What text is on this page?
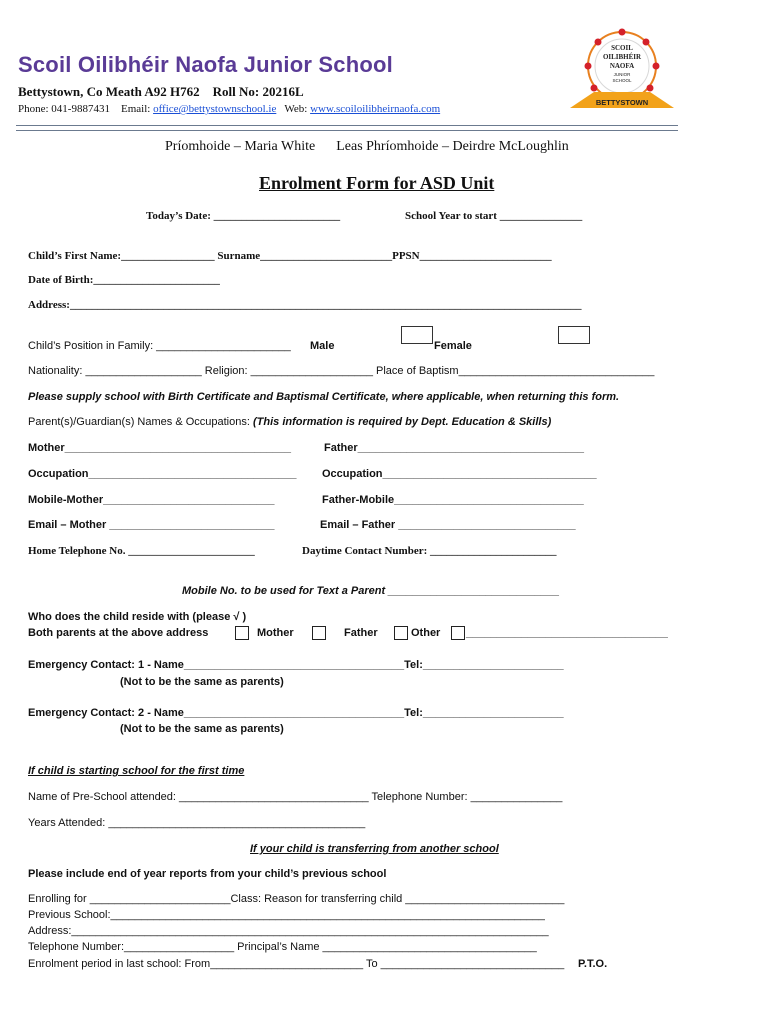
Scoil Oilibhéir Naofa Junior School
Bettystown, Co Meath A92 H762    Roll No: 20216L
Phone: 041-9887431 Email: office@bettystownschool.ie Web: www.scoiloilibheirnaofa.com
SCOIL
OILIBHÉIR
NAOFA
JUNIOR
SCHOOL
BETTYSTOWN
Príomhoide – Maria White      Leas Phríomhoide – Deirdre McLoughlin
Enrolment Form for ASD Unit
Today’s Date: _______________________	School Year to start _______________
Child’s First Name:_________________ Surname________________________PPSN________________________
Date of Birth:_______________________
Address:_____________________________________________________________________________________________
Child’s Position in Family: ______________________ Male	Female
Nationality: ___________________ Religion: ____________________ Place of Baptism________________________________
Please supply school with Birth Certificate and Baptismal Certificate, where applicable, when returning this form.
Parent(s)/Guardian(s) Names & Occupations: (This information is required by Dept. Education & Skills)
Mother_____________________________________	Father_____________________________________
Occupation__________________________________ Occupation___________________________________
Mobile-Mother____________________________	Father-Mobile_______________________________
Email – Mother ___________________________	Email – Father _____________________________
Home Telephone No. _______________________	Daytime Contact Number: _______________________
Mobile No. to be used for Text a Parent ____________________________
Who does the child reside with (please √ )
Both parents at the above address	Mother	Father	Other _________________________________
Emergency Contact: 1 - Name____________________________________Tel:_______________________
(Not to be the same as parents)
Emergency Contact: 2 - Name____________________________________Tel:_______________________
(Not to be the same as parents)
If child is starting school for the first time
Name of Pre-School attended: _______________________________ Telephone Number: _______________
Years Attended: __________________________________________
If your child is transferring from another school
Please include end of year reports from your child’s previous school
Enrolling for _______________________Class: Reason for transferring child __________________________
Previous School:_______________________________________________________________________
Address:______________________________________________________________________________
Telephone Number:__________________ Principal’s Name ___________________________________
Enrolment period in last school: From_________________________ To ______________________________ P.T.O.
